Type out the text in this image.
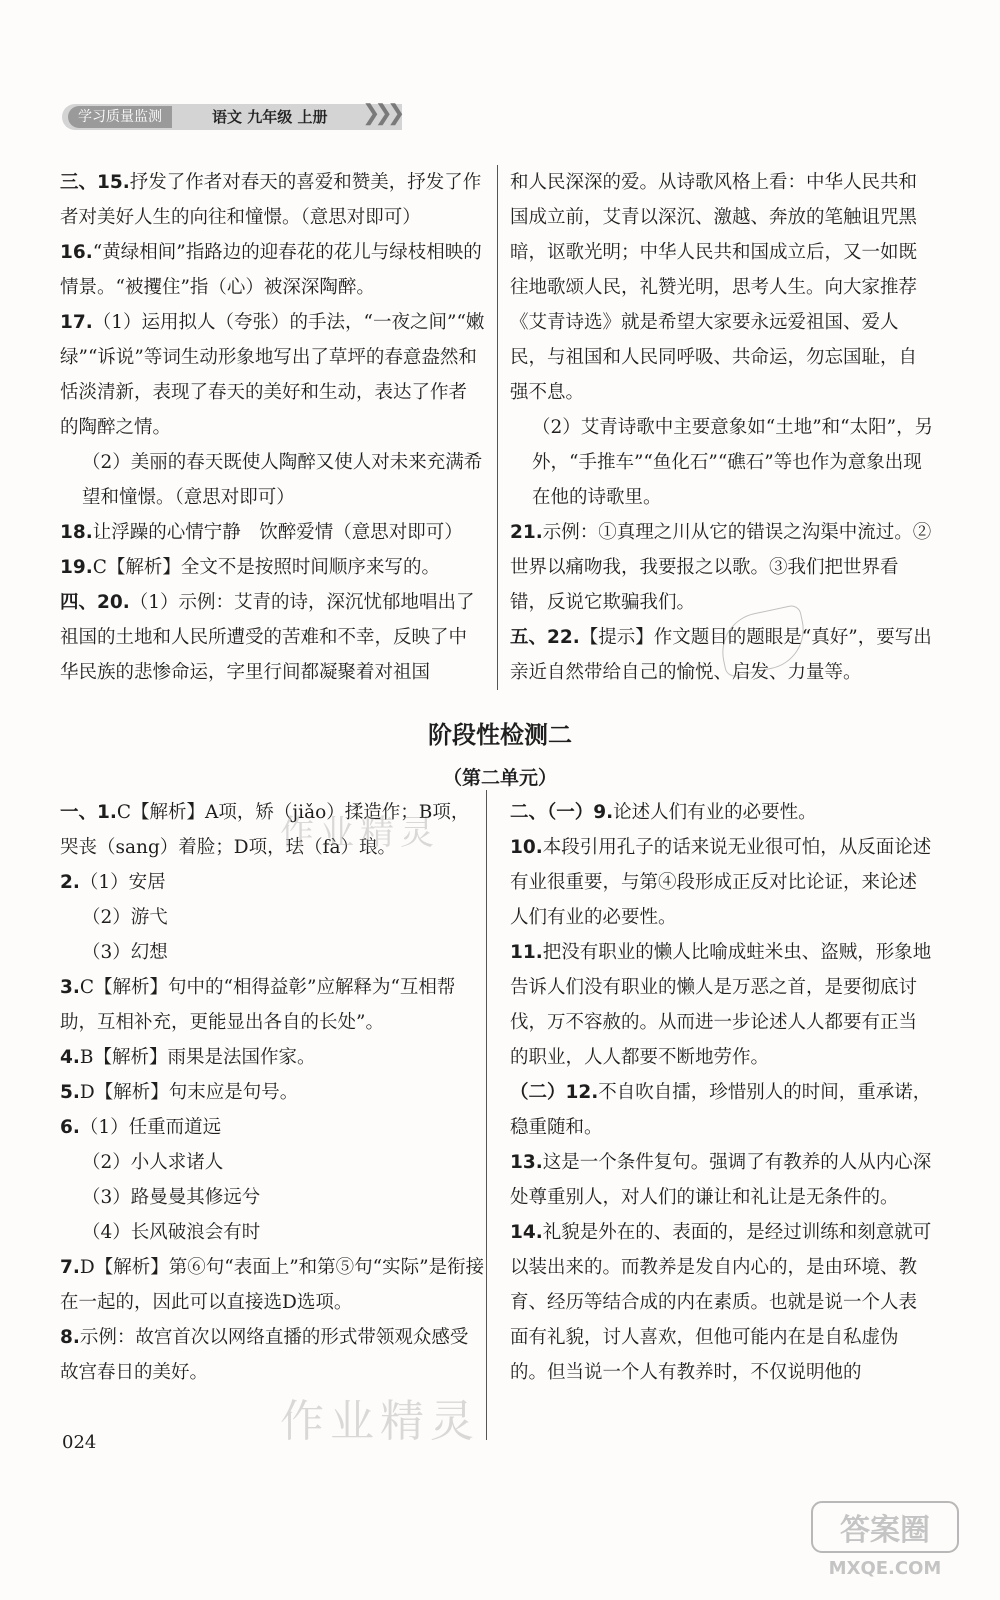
学习质量监测	语文 九年级 上册 ❯❯❯

三、15.抒发了作者对春天的喜爱和赞美，抒发了作者对美好人生的向往和憧憬。（意思对即可）

16.“黄绿相间”指路边的迎春花的花儿与绿枝相映的情景。“被攫住”指（心）被深深陶醉。

17.（1）运用拟人（夸张）的手法，“一夜之间”“嫩绿”“诉说”等词生动形象地写出了草坪的春意盎然和恬淡清新，表现了春天的美好和生动，表达了作者的陶醉之情。

（2）美丽的春天既使人陶醉又使人对未来充满希望和憧憬。（意思对即可）

18.让浮躁的心情宁静　饮醉爱情（意思对即可）

19.C【解析】全文不是按照时间顺序来写的。

四、20.（1）示例：艾青的诗，深沉忧郁地唱出了祖国的土地和人民所遭受的苦难和不幸，反映了中华民族的悲惨命运，字里行间都凝聚着对祖国

和人民深深的爱。从诗歌风格上看：中华人民共和国成立前，艾青以深沉、激越、奔放的笔触诅咒黑暗，讴歌光明；中华人民共和国成立后，又一如既往地歌颂人民，礼赞光明，思考人生。向大家推荐《艾青诗选》就是希望大家要永远爱祖国、爱人民，与祖国和人民同呼吸、共命运，勿忘国耻，自强不息。

（2）艾青诗歌中主要意象如“土地”和“太阳”，另外，“手推车”“鱼化石”“礁石”等也作为意象出现在他的诗歌里。

21.示例：①真理之川从它的错误之沟渠中流过。②世界以痛吻我，我要报之以歌。③我们把世界看错，反说它欺骗我们。

五、22.【提示】作文题目的题眼是“真好”，要写出亲近自然带给自己的愉悦、启发、力量等。

阶段性检测二
（第二单元）

一、1.C【解析】A项，矫（jiǎo）揉造作；B项，哭丧（sang）着脸；D项，珐（fà）琅。

2.（1）安居

（2）游弋

（3）幻想

3.C【解析】句中的“相得益彰”应解释为“互相帮助，互相补充，更能显出各自的长处”。

4.B【解析】雨果是法国作家。

5.D【解析】句末应是句号。

6.（1）任重而道远

（2）小人求诸人

（3）路曼曼其修远兮

（4）长风破浪会有时

7.D【解析】第⑥句“表面上”和第⑤句“实际”是衔接在一起的，因此可以直接选D选项。

8.示例：故宫首次以网络直播的形式带领观众感受故宫春日的美好。

二、（一）9.论述人们有业的必要性。

10.本段引用孔子的话来说无业很可怕，从反面论述有业很重要，与第④段形成正反对比论证，来论述人们有业的必要性。

11.把没有职业的懒人比喻成蛀米虫、盗贼，形象地告诉人们没有职业的懒人是万恶之首，是要彻底讨伐，万不容赦的。从而进一步论述人人都要有正当的职业，人人都要不断地劳作。

（二）12.不自吹自擂，珍惜别人的时间，重承诺，稳重随和。

13.这是一个条件复句。强调了有教养的人从内心深处尊重别人，对人们的谦让和礼让是无条件的。

14.礼貌是外在的、表面的，是经过训练和刻意就可以装出来的。而教养是发自内心的，是由环境、教育、经历等结合成的内在素质。也就是说一个人表面有礼貌，讨人喜欢，但他可能内在是自私虚伪的。但当说一个人有教养时，不仅说明他的

作业精灵
作业精灵
024
答案圈
MXQE.COM
